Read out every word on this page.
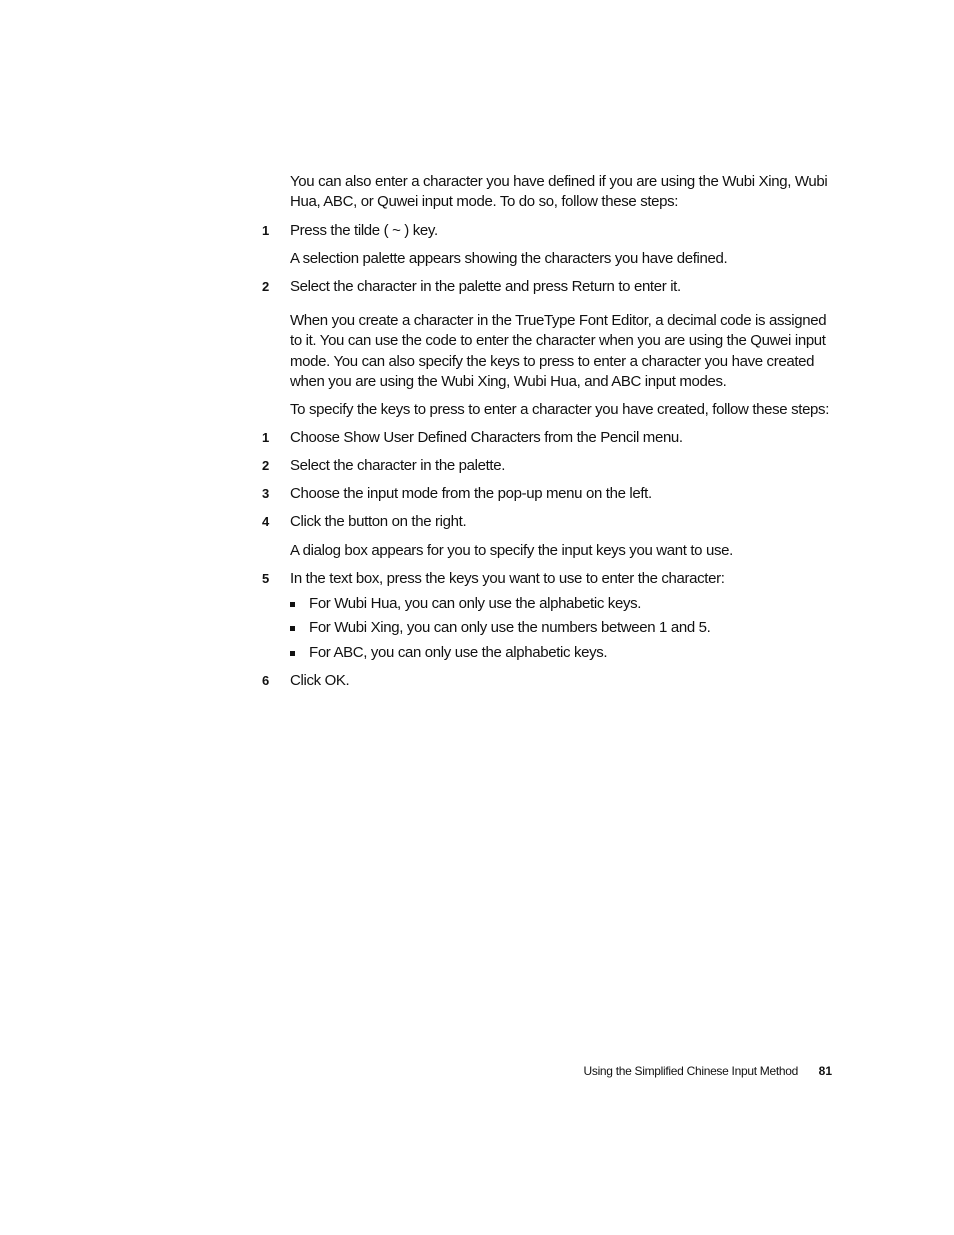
You can also enter a character you have defined if you are using the Wubi Xing, Wubi Hua, ABC, or Quwei input mode. To do so, follow these steps:

1 Press the tilde ( ~ ) key.

A selection palette appears showing the characters you have defined.

2 Select the character in the palette and press Return to enter it.

When you create a character in the TrueType Font Editor, a decimal code is assigned to it. You can use the code to enter the character when you are using the Quwei input mode. You can also specify the keys to press to enter a character you have created when you are using the Wubi Xing, Wubi Hua, and ABC input modes.

To specify the keys to press to enter a character you have created, follow these steps:

1 Choose Show User Defined Characters from the Pencil menu.
2 Select the character in the palette.
3 Choose the input mode from the pop-up menu on the left.
4 Click the button on the right.

A dialog box appears for you to specify the input keys you want to use.

5 In the text box, press the keys you want to use to enter the character:
For Wubi Hua, you can only use the alphabetic keys.
For Wubi Xing, you can only use the numbers between 1 and 5.
For ABC, you can only use the alphabetic keys.
6 Click OK.
Using the Simplified Chinese Input Method 81
